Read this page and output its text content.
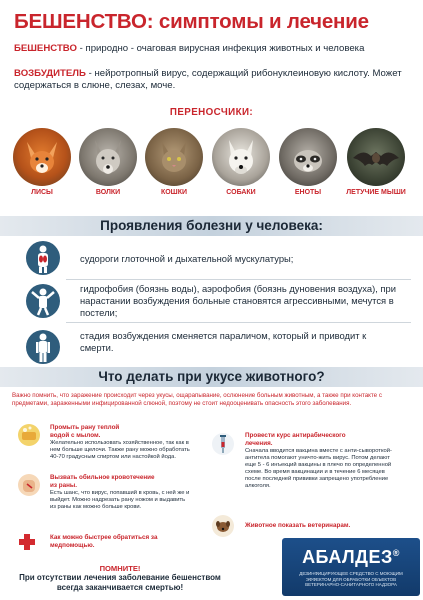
БЕШЕНСТВО: симптомы и лечение
БЕШЕНСТВО - природно - очаговая вирусная инфекция животных и человека
ВОЗБУДИТЕЛЬ - нейротропный вирус, содержащий рибонуклеиновую кислоту. Может содержаться в слюне, слезах, моче.
ПЕРЕНОСЧИКИ:
ЛИСЫ	ВОЛКИ	КОШКИ	СОБАКИ	ЕНОТЫ	ЛЕТУЧИЕ МЫШИ
Проявления болезни у человека:
судороги глоточной и дыхательной мускулатуры;
гидрофобия (боязнь воды), аэрофобия (боязнь дуновения воздуха), при нарастании возбуждения больные становятся агрессивными, мечутся в постели;
стадия возбуждения сменяется параличом, который и приводит к смерти.
Что делать при укусе животного?
Важно помнить, что заражение происходит через укусы, ощарапывание, ослюнение больным животным, а также при контакте с предметами, зараженными инфицированной слюной, поэтому не стоит недооценивать опасность этого заболевания.
Промыть рану теплой водой с мылом.
Желательно использовать хозяйственное, так как в нем больше щелочи. Также рану можно обработать 40-70 градусным спиртом или настойкой йода.
Вызвать обильное кровотечение из раны.
Есть шанс, что вирус, попавший в кровь, с ней же и выйдет. Можно надрезать рану ножом и выдавить из раны как можно больше крови.
Как можно быстрее обратиться за медпомощью.
Провести курс антирабического лечения.
Сначала вводится вакцина вместе с анти-сывороткой- антитела помогают уничто-жить вирус. Потом делают еще 5 - 6 инъекций вакцины в плечо по определенной схеме. Во время вакцинации и в течение 6 месяцев после последней прививки запрещено употребление алкоголя.
Животное показать ветеринарам.
ПОМНИТЕ!
При отсутствии лечения заболевание бешенством всегда заканчивается смертью!
АБАЛДЕЗ®
ДЕЗИНФИЦИРУЮЩЕЕ СРЕДСТВО С МОЮЩИМ ЭФФЕКТОМ ДЛЯ ОБРАБОТКИ ОБЪЕКТОВ ВЕТЕРИНАРНО-САНИТАРНОГО НАДЗОРА
